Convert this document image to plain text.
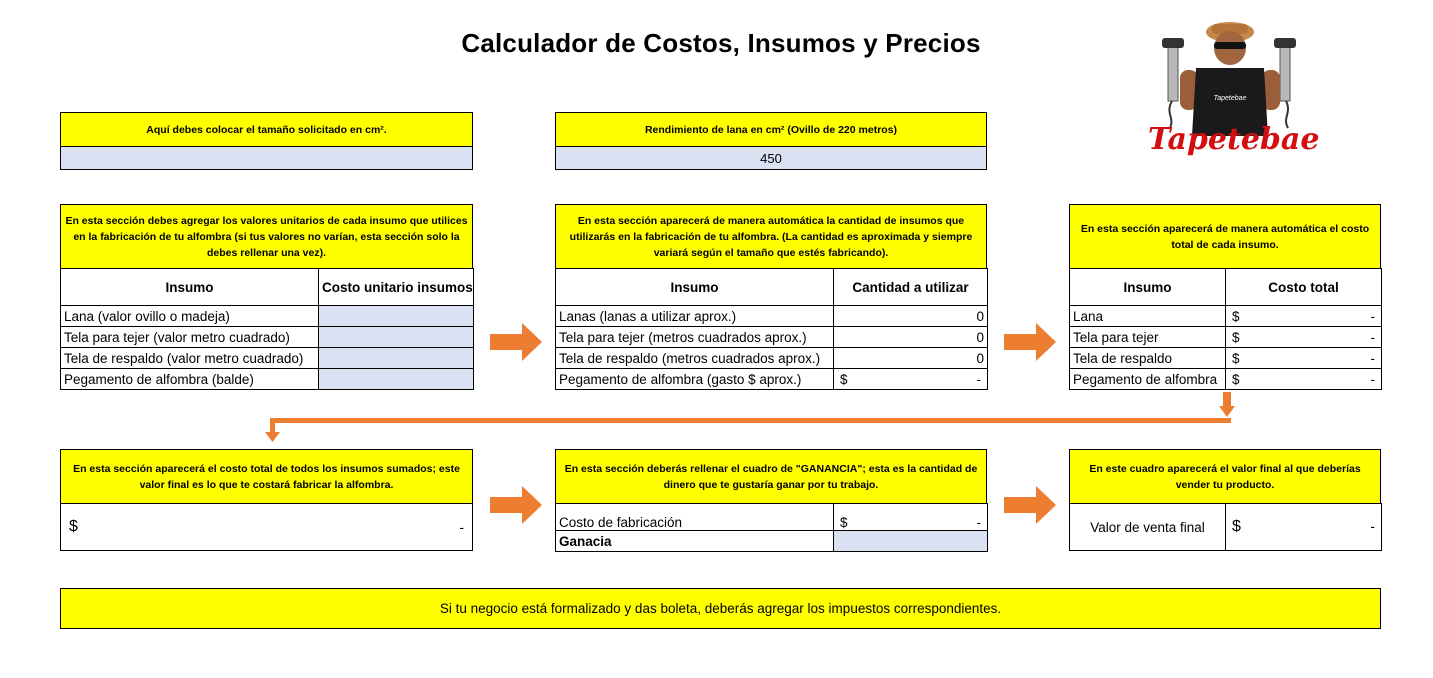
Calculador de Costos, Insumos y Precios
Tapetebae
Tapetebae
Aquí debes colocar el tamaño solicitado en cm².	Rendimiento de lana en cm² (Ovillo de 220 metros)
450
En esta sección debes agregar los valores unitarios de cada insumo que utilices en la fabricación de tu alfombra (si tus valores no varían, esta sección solo la debes rellenar una vez).
Insumo	Costo unitario insumos
Lana (valor ovillo o madeja)	
Tela para tejer (valor metro cuadrado)	
Tela de respaldo (valor metro cuadrado)	
Pegamento de alfombra (balde)	
En esta sección aparecerá de manera automática la cantidad de insumos que utilizarás en la fabricación de tu alfombra. (La cantidad es aproximada y siempre variará según el tamaño que estés fabricando).
Insumo	Cantidad a utilizar
Lanas (lanas a utilizar aprox.)	0
Tela para tejer (metros cuadrados aprox.)	0
Tela de respaldo (metros cuadrados aprox.)	0
Pegamento de alfombra (gasto $ aprox.)	$ -
En esta sección aparecerá de manera automática el costo total de cada insumo.
Insumo	Costo total
Lana	$ -

Tela para tejer	$ -

Tela de respaldo	$ -

Pegamento de alfombra	$ -
En esta sección aparecerá el costo total de todos los insumos sumados; este valor final es lo que te costará fabricar la alfombra.
$	-
En esta sección deberás rellenar el cuadro de "GANANCIA"; esta es la cantidad de dinero que te gustaría ganar por tu trabajo.
Costo de fabricación	$ -

Ganacia	
En este cuadro aparecerá el valor final al que deberías vender tu producto.
Valor de venta final	$	-
Si tu negocio está formalizado y das boleta, deberás agregar los impuestos correspondientes.
